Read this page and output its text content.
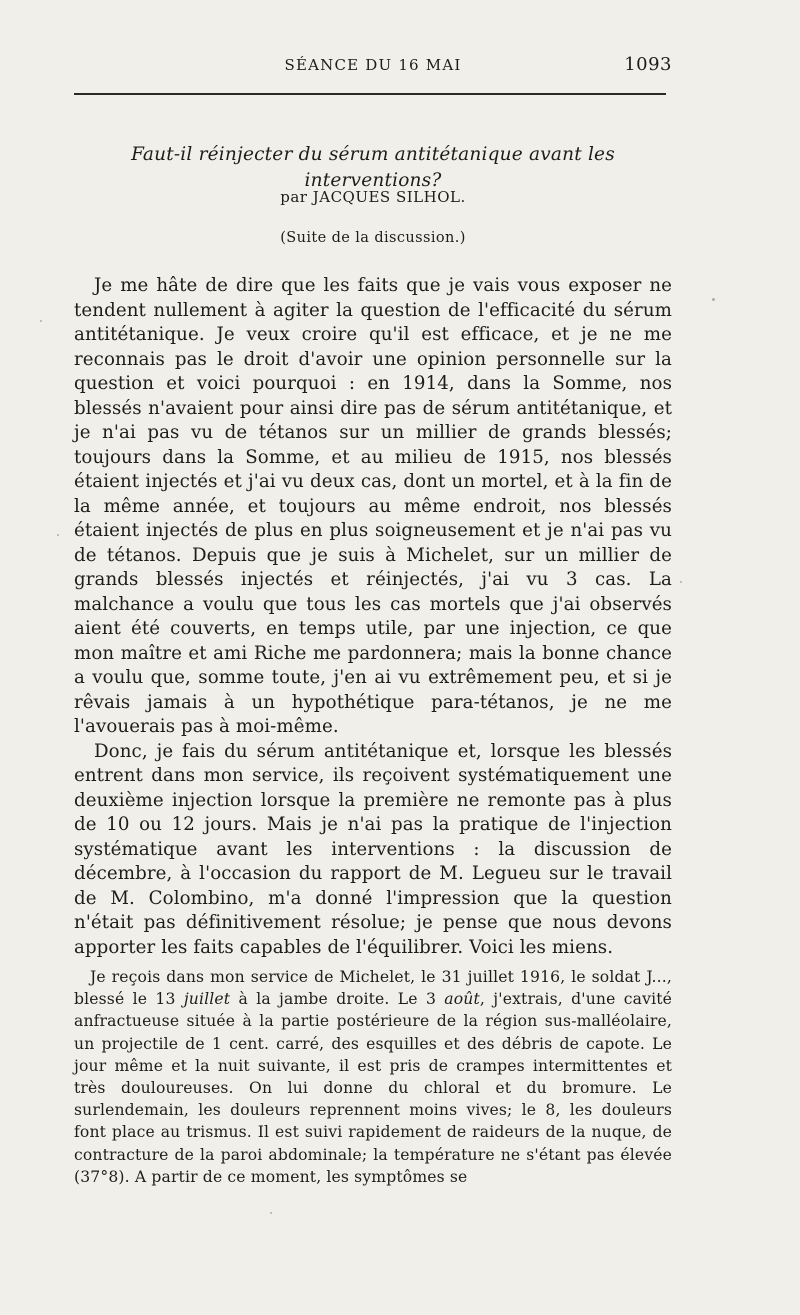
SÉANCE DU 16 MAI	1093
Faut-il réinjecter du sérum antitétanique avant les interventions?
par JACQUES SILHOL.
(Suite de la discussion.)

Je me hâte de dire que les faits que je vais vous exposer ne tendent nullement à agiter la question de l'efficacité du sérum antitétanique. Je veux croire qu'il est efficace, et je ne me reconnais pas le droit d'avoir une opinion personnelle sur la question et voici pourquoi : en 1914, dans la Somme, nos blessés n'avaient pour ainsi dire pas de sérum antitétanique, et je n'ai pas vu de tétanos sur un millier de grands blessés; toujours dans la Somme, et au milieu de 1915, nos blessés étaient injectés et j'ai vu deux cas, dont un mortel, et à la fin de la même année, et toujours au même endroit, nos blessés étaient injectés de plus en plus soigneusement et je n'ai pas vu de tétanos. Depuis que je suis à Michelet, sur un millier de grands blessés injectés et réinjectés, j'ai vu 3 cas. La malchance a voulu que tous les cas mortels que j'ai observés aient été couverts, en temps utile, par une injection, ce que mon maître et ami Riche me pardonnera; mais la bonne chance a voulu que, somme toute, j'en ai vu extrêmement peu, et si je rêvais jamais à un hypothétique para-tétanos, je ne me l'avouerais pas à moi-même.

Donc, je fais du sérum antitétanique et, lorsque les blessés entrent dans mon service, ils reçoivent systématiquement une deuxième injection lorsque la première ne remonte pas à plus de 10 ou 12 jours. Mais je n'ai pas la pratique de l'injection systématique avant les interventions : la discussion de décembre, à l'occasion du rapport de M. Legueu sur le travail de M. Colombino, m'a donné l'impression que la question n'était pas définitivement résolue; je pense que nous devons apporter les faits capables de l'équilibrer. Voici les miens.

Je reçois dans mon service de Michelet, le 31 juillet 1916, le soldat J..., blessé le 13 juillet à la jambe droite. Le 3 août, j'extrais, d'une cavité anfractueuse située à la partie postérieure de la région sus-malléolaire, un projectile de 1 cent. carré, des esquilles et des débris de capote. Le jour même et la nuit suivante, il est pris de crampes intermittentes et très douloureuses. On lui donne du chloral et du bromure. Le surlendemain, les douleurs reprennent moins vives; le 8, les douleurs font place au trismus. Il est suivi rapidement de raideurs de la nuque, de contracture de la paroi abdominale; la température ne s'étant pas élevée (37°8). A partir de ce moment, les symptômes se
